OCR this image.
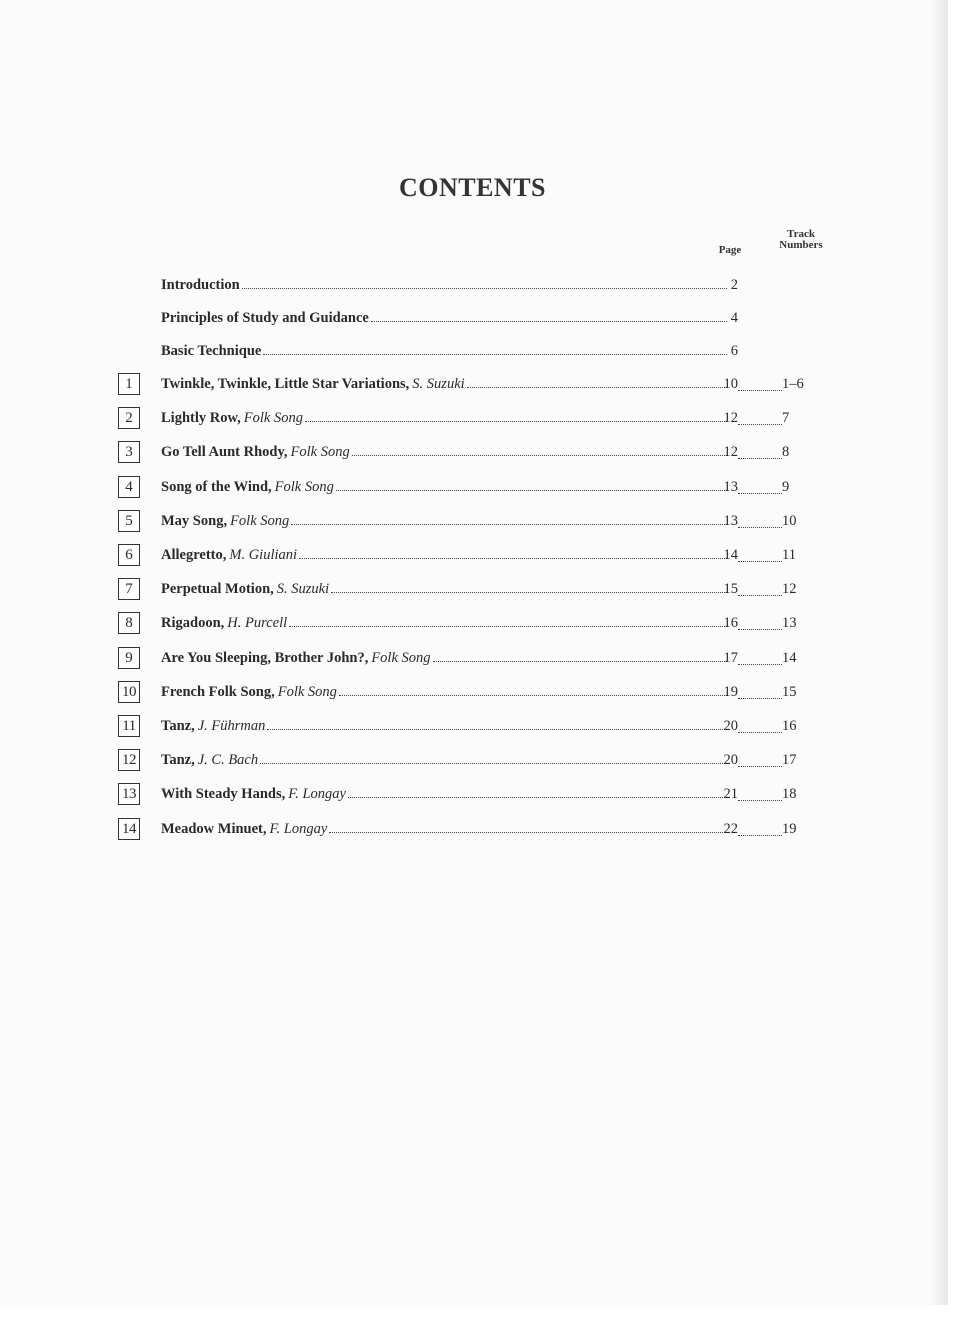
CONTENTS
Page
Track
Numbers
Introduction	2
Principles of Study and Guidance	4
Basic Technique	6
1	Twinkle, Twinkle, Little Star Variations, S. Suzuki	10	1–6
2	Lightly Row, Folk Song	12	7
3	Go Tell Aunt Rhody, Folk Song	12	8
4	Song of the Wind, Folk Song	13	9
5	May Song, Folk Song	13	10
6	Allegretto, M. Giuliani	14	11
7	Perpetual Motion, S. Suzuki	15	12
8	Rigadoon, H. Purcell	16	13
9	Are You Sleeping, Brother John?, Folk Song	17	14
10 French Folk Song, Folk Song	19	15
11 Tanz, J. Führman	20	16
12 Tanz, J. C. Bach	20	17
13 With Steady Hands, F. Longay	21	18
14 Meadow Minuet, F. Longay	22	19
